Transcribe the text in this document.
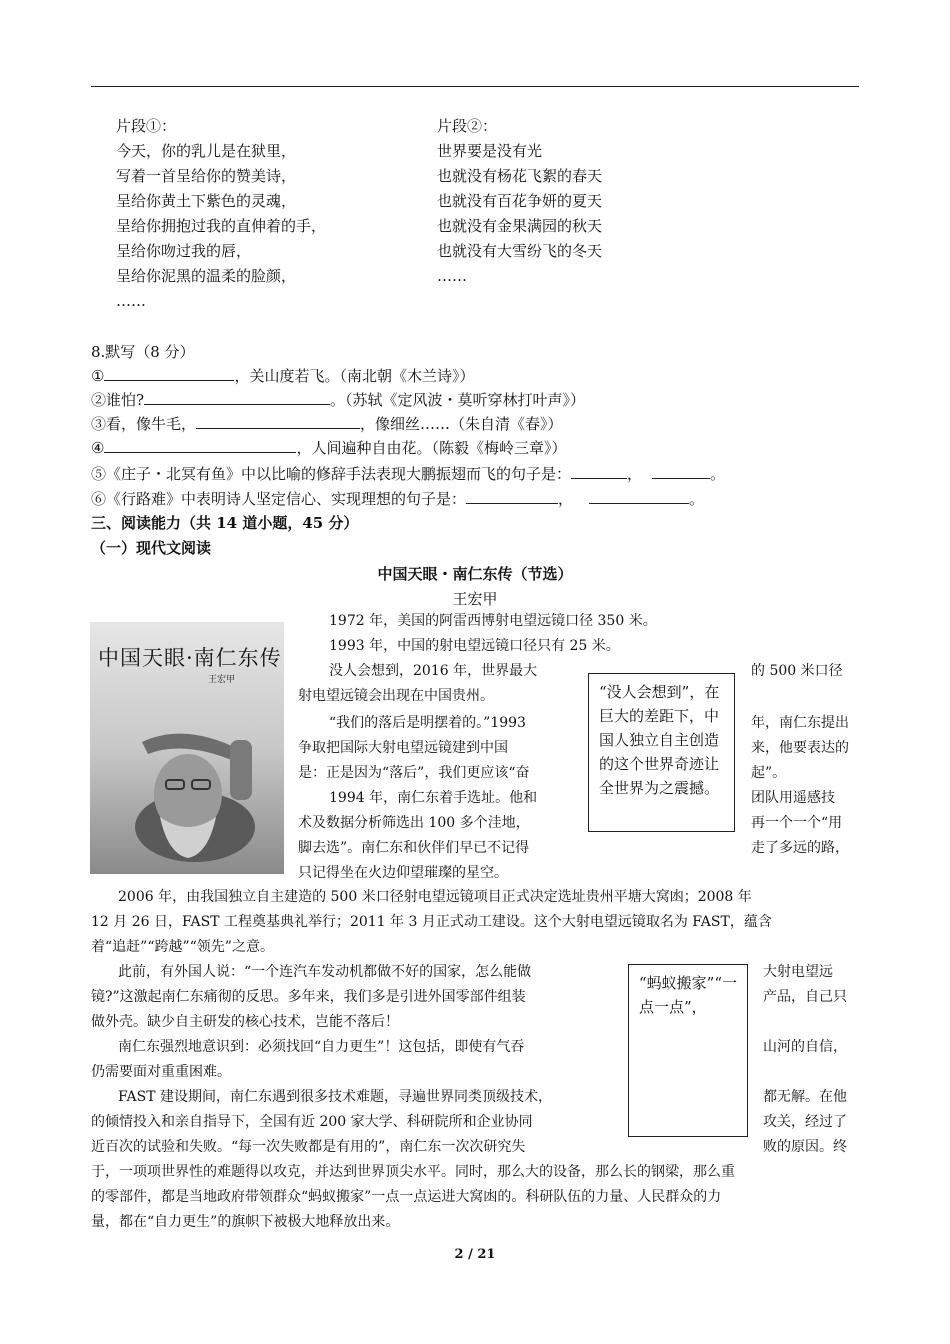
片段①：
今天，你的乳儿是在狱里，
写着一首呈给你的赞美诗，
呈给你黄土下紫色的灵魂，
呈给你拥抱过我的直伸着的手，
呈给你吻过我的唇，
呈给你泥黑的温柔的脸颜，
……
片段②：
世界要是没有光
也就没有杨花飞絮的春天
也就没有百花争妍的夏天
也就没有金果满园的秋天
也就没有大雪纷飞的冬天
……
8.默写（8 分）
①	，关山度若飞。（南北朝《木兰诗》）
②谁怕?	。（苏轼《定风波・莫听穿林打叶声》）
③看，像牛毛，	，像细丝……（朱自清《春》）
④	，人间遍种自由花。（陈毅《梅岭三章》）
⑤《庄子・北冥有鱼》中以比喻的修辞手法表现大鹏振翅而飞的句子是：	，	。
⑥《行路难》中表明诗人坚定信心、实现理想的句子是：	，	。
三、阅读能力（共 14 道小题，45 分）
（一）现代文阅读
中国天眼・南仁东传（节选）
王宏甲
中国天眼·南仁东传
王宏甲
1972 年，美国的阿雷西博射电望远镜口径 350 米。
1993 年，中国的射电望远镜口径只有 25 米。
没人会想到，2016 年，世界最大
射电望远镜会出现在中国贵州。
“我们的落后是明摆着的。”1993
争取把国际大射电望远镜建到中国
是：正是因为“落后”，我们更应该“奋
1994 年，南仁东着手选址。他和
术及数据分析筛选出 100 多个洼地，
脚去选”。南仁东和伙伴们早已不记得
只记得坐在火边仰望璀璨的星空。
的 500 米口径
年，南仁东提出
来，他要表达的
起”。
团队用遥感技
再一个一个“用
走了多远的路，
“没人会想到”，在巨大的差距下，中国人独立自主创造的这个世界奇迹让全世界为之震撼。
2006 年，由我国独立自主建造的 500 米口径射电望远镜项目正式决定选址贵州平塘大窝凼；2008 年
12 月 26 日，FAST 工程奠基典礼举行；2011 年 3 月正式动工建设。这个大射电望远镜取名为 FAST，蕴含
着“追赶”“跨越”“领先”之意。
此前，有外国人说：“一个连汽车发动机都做不好的国家，怎么能做
镜?”这激起南仁东痛彻的反思。多年来，我们多是引进外国零部件组装
做外壳。缺少自主研发的核心技术，岂能不落后！
南仁东强烈地意识到：必须找回“自力更生”！这包括，即使有气吞
仍需要面对重重困难。
FAST 建设期间，南仁东遇到很多技术难题，寻遍世界同类顶级技术，
的倾情投入和亲自指导下，全国有近 200 家大学、科研院所和企业协同
近百次的试验和失败。“每一次失败都是有用的”，南仁东一次次研究失
大射电望远
产品，自己只
山河的自信，
都无解。在他
攻关，经过了
败的原因。终
“蚂蚁搬家”“一点一点”，
于，一项项世界性的难题得以攻克，并达到世界顶尖水平。同时，那么大的设备，那么长的钢梁，那么重
的零部件，都是当地政府带领群众“蚂蚁搬家”一点一点运进大窝凼的。科研队伍的力量、人民群众的力
量，都在“自力更生”的旗帜下被极大地释放出来。
2 / 21
